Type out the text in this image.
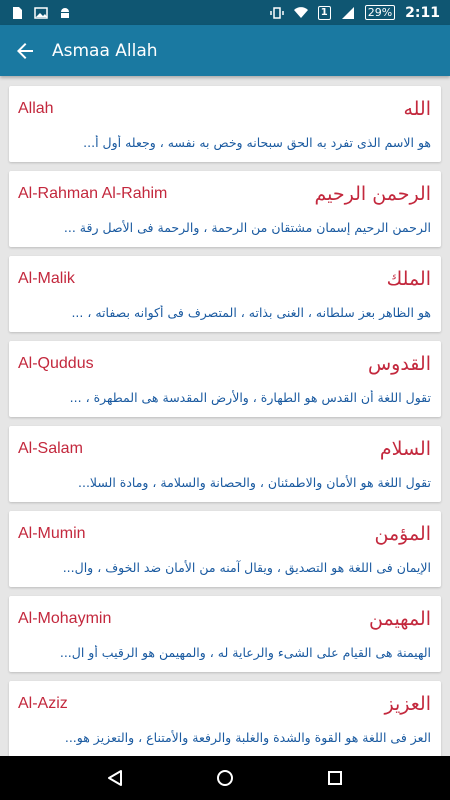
1	29% 2:11
Asmaa Allah
Allah	الله
هو الاسم الذى تفرد به الحق سبحانه وخص به نفسه ، وجعله أول أ...
Al-Rahman Al-Rahim	الرحمن الرحيم
الرحمن الرحيم إسمان مشتقان من الرحمة ، والرحمة فى الأصل رقة ...
Al-Malik	الملك
هو الظاهر بعز سلطانه ، الغنى بذاته ، المتصرف فى أكوانه بصفاته ، ...
Al-Quddus	القدوس
تقول اللغة أن القدس هو الطهارة ، والأرض المقدسة هى المطهرة ، ...
Al-Salam	السلام
تقول اللغة هو الأمان والاطمئنان ، والحصانة والسلامة ، ومادة السلا...
Al-Mumin	المؤمن
الإيمان فى اللغة هو التصديق ، ويقال آمنه من الأمان ضد الخوف ، وال...
Al-Mohaymin	المهيمن
الهيمنة هى القيام على الشىء والرعاية له ، والمهيمن هو الرقيب أو ال...
Al-Aziz	العزيز
العز فى اللغة هو القوة والشدة والغلبة والرفعة والأمتناع ، والتعزيز هو...
